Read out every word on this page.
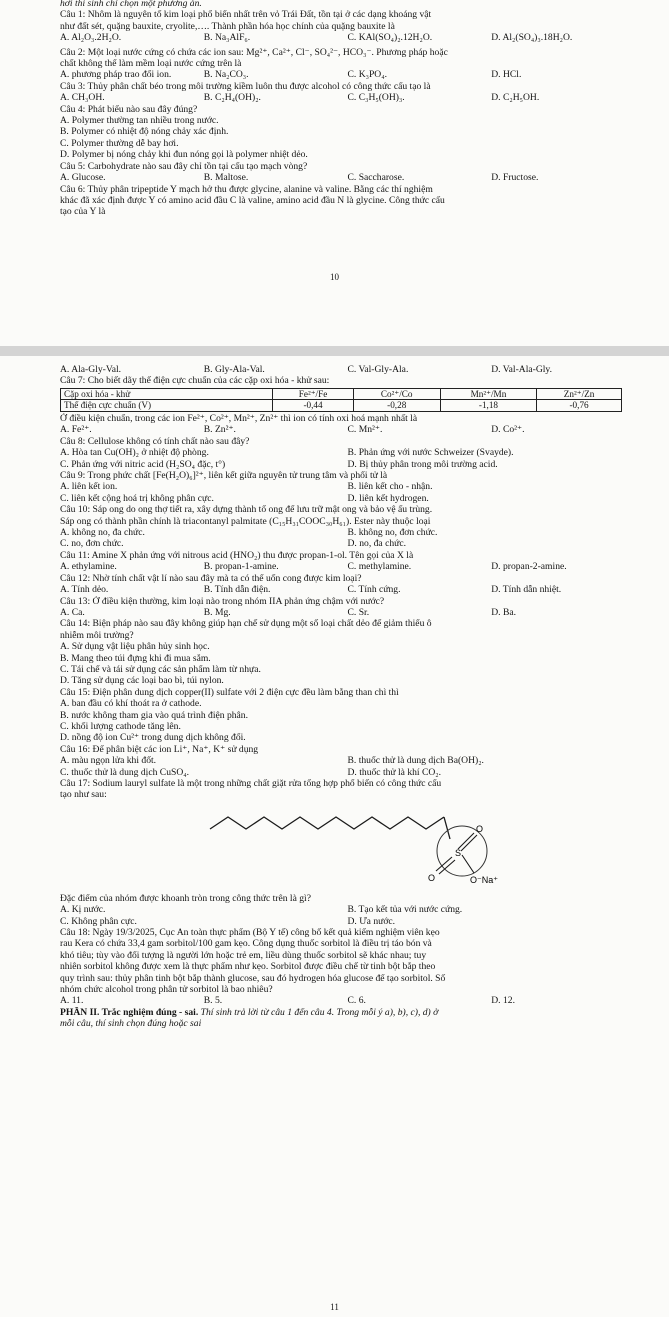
hơi thì sinh chỉ chọn một phương án.
Câu 1: Nhôm là nguyên tố kim loại phổ biến nhất trên vỏ Trái Đất, tồn tại ở các dạng khoáng vật
như đất sét, quặng bauxite, cryolite,…. Thành phần hóa học chính của quặng bauxite là
A. Al₂O₃.2H₂O.	B. Na₃AlF₆.	C. KAl(SO₄)₂.12H₂O.	D. Al₂(SO₄)₃.18H₂O.
Câu 2: Một loại nước cứng có chứa các ion sau: Mg²⁺, Ca²⁺, Cl⁻, SO₄²⁻, HCO₃⁻. Phương pháp hoặc
chất không thể làm mềm loại nước cứng trên là
A. phương pháp trao đổi ion.	B. Na₂CO₃.	C. K₃PO₄.	D. HCl.
Câu 3: Thủy phân chất béo trong môi trường kiềm luôn thu được alcohol có công thức cấu tạo là
A. CH₃OH.	B. C₂H₄(OH)₂.	C. C₃H₅(OH)₃.	D. C₂H₅OH.
Câu 4: Phát biểu nào sau đây đúng?
A. Polymer thường tan nhiều trong nước.
B. Polymer có nhiệt độ nóng chảy xác định.
C. Polymer thường dễ bay hơi.
D. Polymer bị nóng chảy khi đun nóng gọi là polymer nhiệt dẻo.
Câu 5: Carbohydrate nào sau đây chỉ tồn tại cấu tạo mạch vòng?
A. Glucose.	B. Maltose.	C. Saccharose.	D. Fructose.
Câu 6: Thủy phân tripeptide Y mạch hở thu được glycine, alanine và valine. Bằng các thí nghiệm
khác đã xác định được Y có amino acid đầu C là valine, amino acid đầu N là glycine. Công thức cấu
tạo của Y là
10
A. Ala-Gly-Val.	B. Gly-Ala-Val.	C. Val-Gly-Ala.	D. Val-Ala-Gly.
Câu 7: Cho biết dãy thế điện cực chuẩn của các cặp oxi hóa - khử sau:
Cặp oxi hóa - khử	Fe²⁺/Fe	Co²⁺/Co	Mn²⁺/Mn	Zn²⁺/Zn
Thế điện cực chuẩn (V)	-0,44	-0,28	-1,18	-0,76
Ở điều kiện chuẩn, trong các ion Fe²⁺, Co²⁺, Mn²⁺, Zn²⁺ thì ion có tính oxi hoá mạnh nhất là
A. Fe²⁺.	B. Zn²⁺.	C. Mn²⁺.	D. Co²⁺.
Câu 8: Cellulose không có tính chất nào sau đây?
A. Hòa tan Cu(OH)₂ ở nhiệt độ phòng.	B. Phản ứng với nước Schweizer (Svayde).
C. Phản ứng với nitric acid (H₂SO₄ đặc, t°)	D. Bị thủy phân trong môi trường acid.
Câu 9: Trong phức chất [Fe(H₂O)₆]²⁺, liên kết giữa nguyên tử trung tâm và phối tử là
A. liên kết ion.	B. liên kết cho - nhận.
C. liên kết cộng hoá trị không phân cực.	D. liên kết hydrogen.
Câu 10: Sáp ong do ong thợ tiết ra, xây dựng thành tổ ong để lưu trữ mật ong và bảo vệ ấu trùng.
Sáp ong có thành phần chính là triacontanyl palmitate (C₁₅H₃₁COOC₃₀H₆₁). Ester này thuộc loại
A. không no, đa chức.	B. không no, đơn chức.
C. no, đơn chức.	D. no, đa chức.
Câu 11: Amine X phản ứng với nitrous acid (HNO₂) thu được propan-1-ol. Tên gọi của X là
A. ethylamine.	B. propan-1-amine.	C. methylamine.	D. propan-2-amine.
Câu 12: Nhờ tính chất vật lí nào sau đây mà ta có thể uốn cong được kim loại?
A. Tính dẻo.	B. Tính dẫn điện.	C. Tính cứng.	D. Tính dẫn nhiệt.
Câu 13: Ở điều kiện thường, kim loại nào trong nhóm IIA phản ứng chậm với nước?
A. Ca.	B. Mg.	C. Sr.	D. Ba.
Câu 14: Biện pháp nào sau đây không giúp hạn chế sử dụng một số loại chất dẻo để giảm thiểu ô
nhiễm môi trường?
A. Sử dụng vật liệu phân hủy sinh học.
B. Mang theo túi đựng khi đi mua sắm.
C. Tái chế và tái sử dụng các sản phẩm làm từ nhựa.
D. Tăng sử dụng các loại bao bì, túi nylon.
Câu 15: Điện phân dung dịch copper(II) sulfate với 2 điện cực đều làm bằng than chì thì
A. ban đầu có khí thoát ra ở cathode.
B. nước không tham gia vào quá trình điện phân.
C. khối lượng cathode tăng lên.
D. nồng độ ion Cu²⁺ trong dung dịch không đổi.
Câu 16: Để phân biệt các ion Li⁺, Na⁺, K⁺ sử dụng
A. màu ngọn lửa khi đốt.	B. thuốc thử là dung dịch Ba(OH)₂.
C. thuốc thử là dung dịch CuSO₄.	D. thuốc thử là khí CO₂.
Câu 17: Sodium lauryl sulfate là một trong những chất giặt rửa tổng hợp phổ biến có công thức cấu
tạo như sau:
S
O
O	O⁻Na⁺
Đặc điểm của nhóm được khoanh tròn trong công thức trên là gì?
A. Kị nước.	B. Tạo kết tủa với nước cứng.
C. Không phân cực.	D. Ưa nước.
Câu 18: Ngày 19/3/2025, Cục An toàn thực phẩm (Bộ Y tế) công bố kết quả kiểm nghiệm viên kẹo
rau Kera có chứa 33,4 gam sorbitol/100 gam kẹo. Công dụng thuốc sorbitol là điều trị táo bón và
khó tiêu; tùy vào đối tượng là người lớn hoặc trẻ em, liều dùng thuốc sorbitol sẽ khác nhau; tuy
nhiên sorbitol không được xem là thực phẩm như kẹo. Sorbitol được điều chế từ tinh bột bắp theo
quy trình sau: thủy phân tinh bột bắp thành glucose, sau đó hydrogen hóa glucose để tạo sorbitol. Số
nhóm chức alcohol trong phân tử sorbitol là bao nhiêu?
A. 11.	B. 5.	C. 6.	D. 12.
PHẦN II. Trắc nghiệm đúng - sai. Thí sinh trả lời từ câu 1 đến câu 4. Trong mỗi ý a), b), c), d) ở
mỗi câu, thí sinh chọn đúng hoặc sai
11
